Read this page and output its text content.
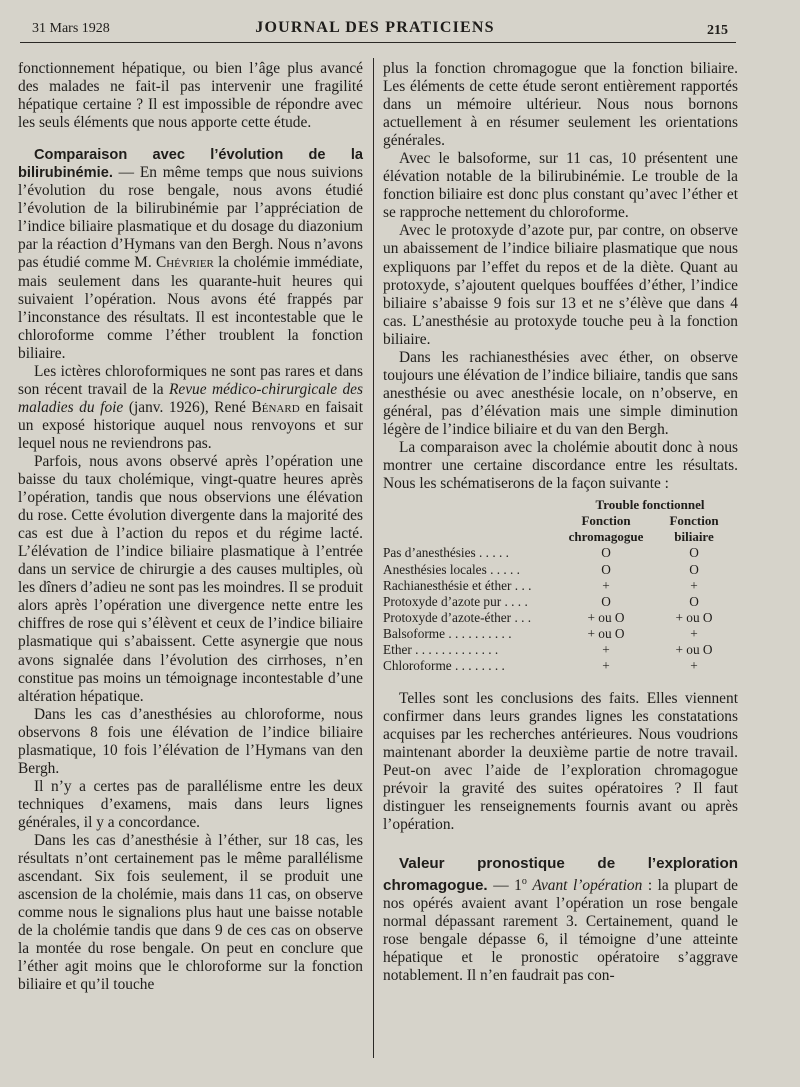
31 Mars 1928	JOURNAL DES PRATICIENS	215

fonctionnement hépatique, ou bien l’âge plus avancé des malades ne fait-il pas intervenir une fragilité hépatique certaine ? Il est impossible de répondre avec les seuls éléments que nous apporte cette étude.

Comparaison avec l’évolution de la bilirubinémie. — En même temps que nous suivions l’évolution du rose bengale, nous avons étudié l’évolution de la bilirubinémie par l’appréciation de l’indice biliaire plasmatique et du dosage du diazonium par la réaction d’Hymans van den Bergh. Nous n’avons pas étudié comme M. Chévrier la cholémie immédiate, mais seulement dans les quarante-huit heures qui suivaient l’opération. Nous avons été frappés par l’inconstance des résultats. Il est incontestable que le chloroforme comme l’éther troublent la fonction biliaire.

Les ictères chloroformiques ne sont pas rares et dans son récent travail de la Revue médico-chirurgicale des maladies du foie (janv. 1926), René Bénard en faisait un exposé historique auquel nous renvoyons et sur lequel nous ne reviendrons pas.

Parfois, nous avons observé après l’opération une baisse du taux cholémique, vingt-quatre heures après l’opération, tandis que nous observions une élévation du rose. Cette évolution divergente dans la majorité des cas est due à l’action du repos et du régime lacté. L’élévation de l’indice biliaire plasmatique à l’entrée dans un service de chirurgie a des causes multiples, où les dîners d’adieu ne sont pas les moindres. Il se produit alors après l’opération une divergence nette entre les chiffres de rose qui s’élèvent et ceux de l’indice biliaire plasmatique qui s’abaissent. Cette asynergie que nous avons signalée dans l’évolution des cirrhoses, n’en constitue pas moins un témoignage incontestable d’une altération hépatique.

Dans les cas d’anesthésies au chloroforme, nous observons 8 fois une élévation de l’indice biliaire plasmatique, 10 fois l’élévation de l’Hymans van den Bergh.

Il n’y a certes pas de parallélisme entre les deux techniques d’examens, mais dans leurs lignes générales, il y a concordance.

Dans les cas d’anesthésie à l’éther, sur 18 cas, les résultats n’ont certainement pas le même parallélisme ascendant. Six fois seulement, il se produit une ascension de la cholémie, mais dans 11 cas, on observe comme nous le signalions plus haut une baisse notable de la cholémie tandis que dans 9 de ces cas on observe la montée du rose bengale. On peut en conclure que l’éther agit moins que le chloroforme sur la fonction biliaire et qu’il touche

plus la fonction chromagogue que la fonction biliaire. Les éléments de cette étude seront entièrement rapportés dans un mémoire ultérieur. Nous nous bornons actuellement à en résumer seulement les orientations générales.

Avec le balsoforme, sur 11 cas, 10 présentent une élévation notable de la bilirubinémie. Le trouble de la fonction biliaire est donc plus constant qu’avec l’éther et se rapproche nettement du chloroforme.

Avec le protoxyde d’azote pur, par contre, on observe un abaissement de l’indice biliaire plasmatique que nous expliquons par l’effet du repos et de la diète. Quant au protoxyde, s’ajoutent quelques bouffées d’éther, l’indice biliaire s’abaisse 9 fois sur 13 et ne s’élève que dans 4 cas. L’anesthésie au protoxyde touche peu à la fonction biliaire.

Dans les rachianesthésies avec éther, on observe toujours une élévation de l’indice biliaire, tandis que sans anesthésie ou avec anesthésie locale, on n’observe, en général, pas d’élévation mais une simple diminution légère de l’indice biliaire et du van den Bergh.

La comparaison avec la cholémie aboutit donc à nous montrer une certaine discordance entre les résultats. Nous les schématiserons de la façon suivante :

	Trouble fonctionnel	
	Fonction chromagogue	Fonction biliaire
Pas d’anesthésies . . . . .	O	O
Anesthésies locales . . . . .	O	O
Rachianesthésie et éther . . .	+	+
Protoxyde d’azote pur . . . .	O	O
Protoxyde d’azote-éther . . .	+ ou O	+ ou O
Balsoforme . . . . . . . . . .	+ ou O	+
Ether . . . . . . . . . . . . .	+	+ ou O
Chloroforme . . . . . . . .	+	+

Telles sont les conclusions des faits. Elles viennent confirmer dans leurs grandes lignes les constatations acquises par les recherches antérieures. Nous voudrions maintenant aborder la deuxième partie de notre travail. Peut-on avec l’aide de l’exploration chromagogue prévoir la gravité des suites opératoires ? Il faut distinguer les renseignements fournis avant ou après l’opération.

Valeur pronostique de l’exploration chromagogue. — 1$^o$ Avant l’opération : la plupart de nos opérés avaient avant l’opération un rose bengale normal dépassant rarement 3. Certainement, quand le rose bengale dépasse 6, il témoigne d’une atteinte hépatique et le pronostic opératoire s’aggrave notablement. Il n’en faudrait pas con-
